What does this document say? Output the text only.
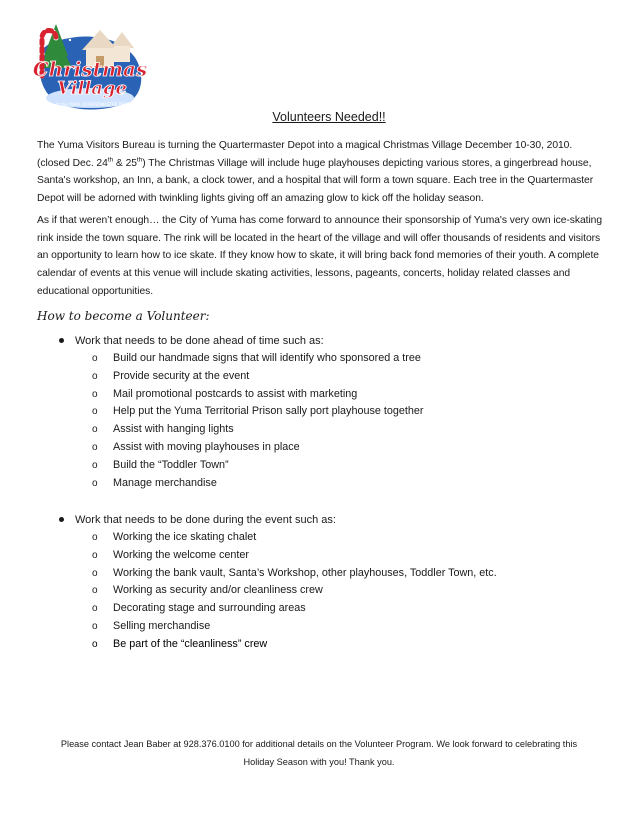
Christmas
Village
at the YUMA QUARTERMASTER DEPOT
Volunteers Needed!!

The Yuma Visitors Bureau is turning the Quartermaster Depot into a magical Christmas Village December 10-30, 2010. (closed Dec. 24th & 25th) The Christmas Village will include huge playhouses depicting various stores, a gingerbread house, Santa's workshop, an Inn, a bank, a clock tower, and a hospital that will form a town square. Each tree in the Quartermaster Depot will be adorned with twinkling lights giving off an amazing glow to kick off the holiday season.

As if that weren’t enough… the City of Yuma has come forward to announce their sponsorship of Yuma's very own ice-skating rink inside the town square. The rink will be located in the heart of the village and will offer thousands of residents and visitors an opportunity to learn how to ice skate. If they know how to skate, it will bring back fond memories of their youth. A complete calendar of events at this venue will include skating activities, lessons, pageants, concerts, holiday related classes and educational opportunities.

How to become a Volunteer:
Work that needs to be done ahead of time such as:
o Build our handmade signs that will identify who sponsored a tree
o Provide security at the event
o Mail promotional postcards to assist with marketing
o Help put the Yuma Territorial Prison sally port playhouse together
o Assist with hanging lights
o Assist with moving playhouses in place
o Build the “Toddler Town”
o Manage merchandise
Work that needs to be done during the event such as:
o Working the ice skating chalet
o Working the welcome center
o Working the bank vault, Santa’s Workshop, other playhouses, Toddler Town, etc.
o Working as security and/or cleanliness crew
o Decorating stage and surrounding areas
o Selling merchandise
o Be part of the “cleanliness” crew
Please contact Jean Baber at 928.376.0100 for additional details on the Volunteer Program. We look forward to celebrating this
Holiday Season with you! Thank you.
